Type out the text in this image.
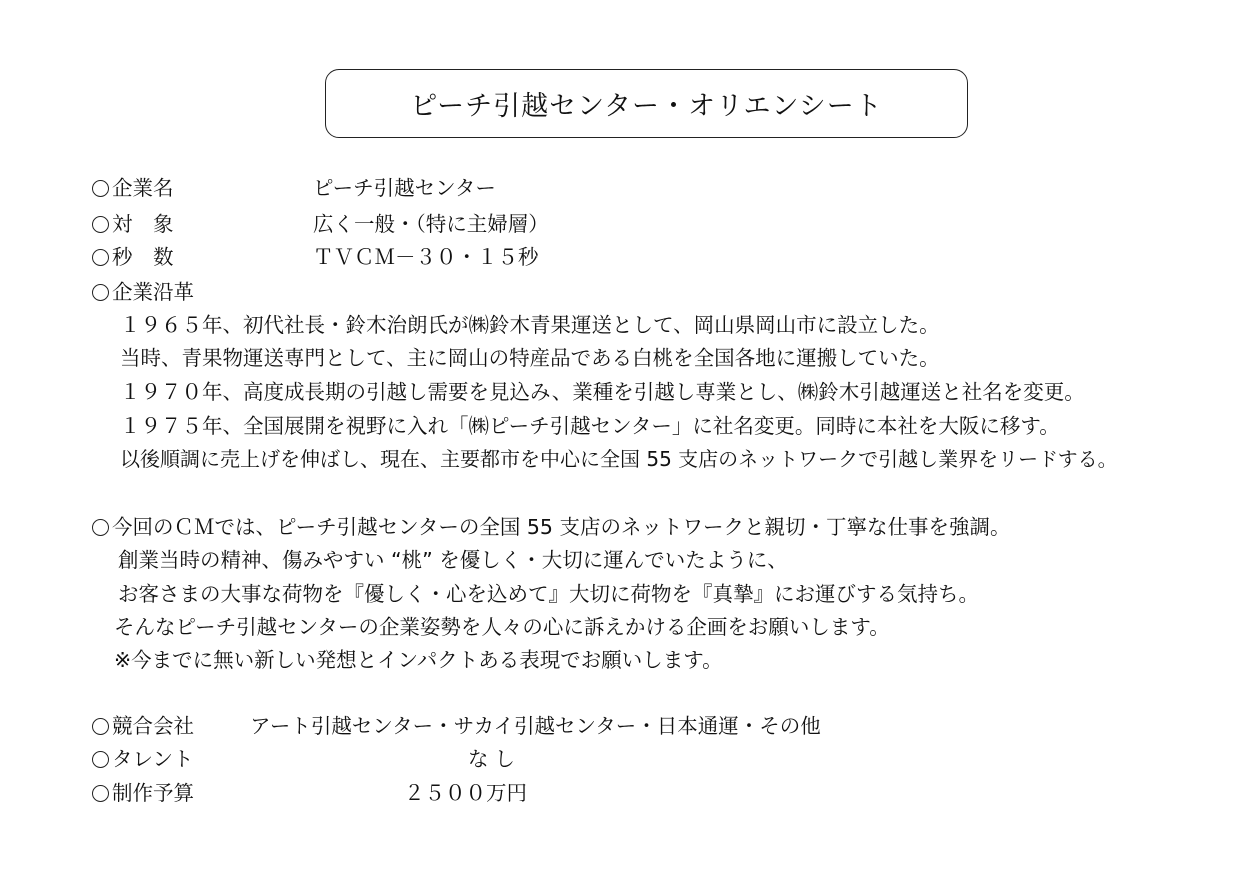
ピーチ引越センター・オリエンシート
企業名	ピーチ引越センター
対　象	広く一般・（特に主婦層）
秒　数	ＴＶＣＭ－３０・１５秒
企業沿革
１９６５年、初代社長・鈴木治朗氏が㈱鈴木青果運送として、岡山県岡山市に設立した。
当時、青果物運送専門として、主に岡山の特産品である白桃を全国各地に運搬していた。
１９７０年、高度成長期の引越し需要を見込み、業種を引越し専業とし、㈱鈴木引越運送と社名を変更。
１９７５年、全国展開を視野に入れ「㈱ピーチ引越センター」に社名変更。同時に本社を大阪に移す。
以後順調に売上げを伸ばし、現在、主要都市を中心に全国 55 支店のネットワークで引越し業界をリードする。
今回のＣＭでは、ピーチ引越センターの全国 55 支店のネットワークと親切・丁寧な仕事を強調。
創業当時の精神、傷みやすい “桃” を優しく・大切に運んでいたように、
お客さまの大事な荷物を『優しく・心を込めて』大切に荷物を『真摯』にお運びする気持ち。
そんなピーチ引越センターの企業姿勢を人々の心に訴えかける企画をお願いします。
※今までに無い新しい発想とインパクトある表現でお願いします。
競合会社	アート引越センター・サカイ引越センター・日本通運・その他
タレント	なし
制作予算	２５００万円
